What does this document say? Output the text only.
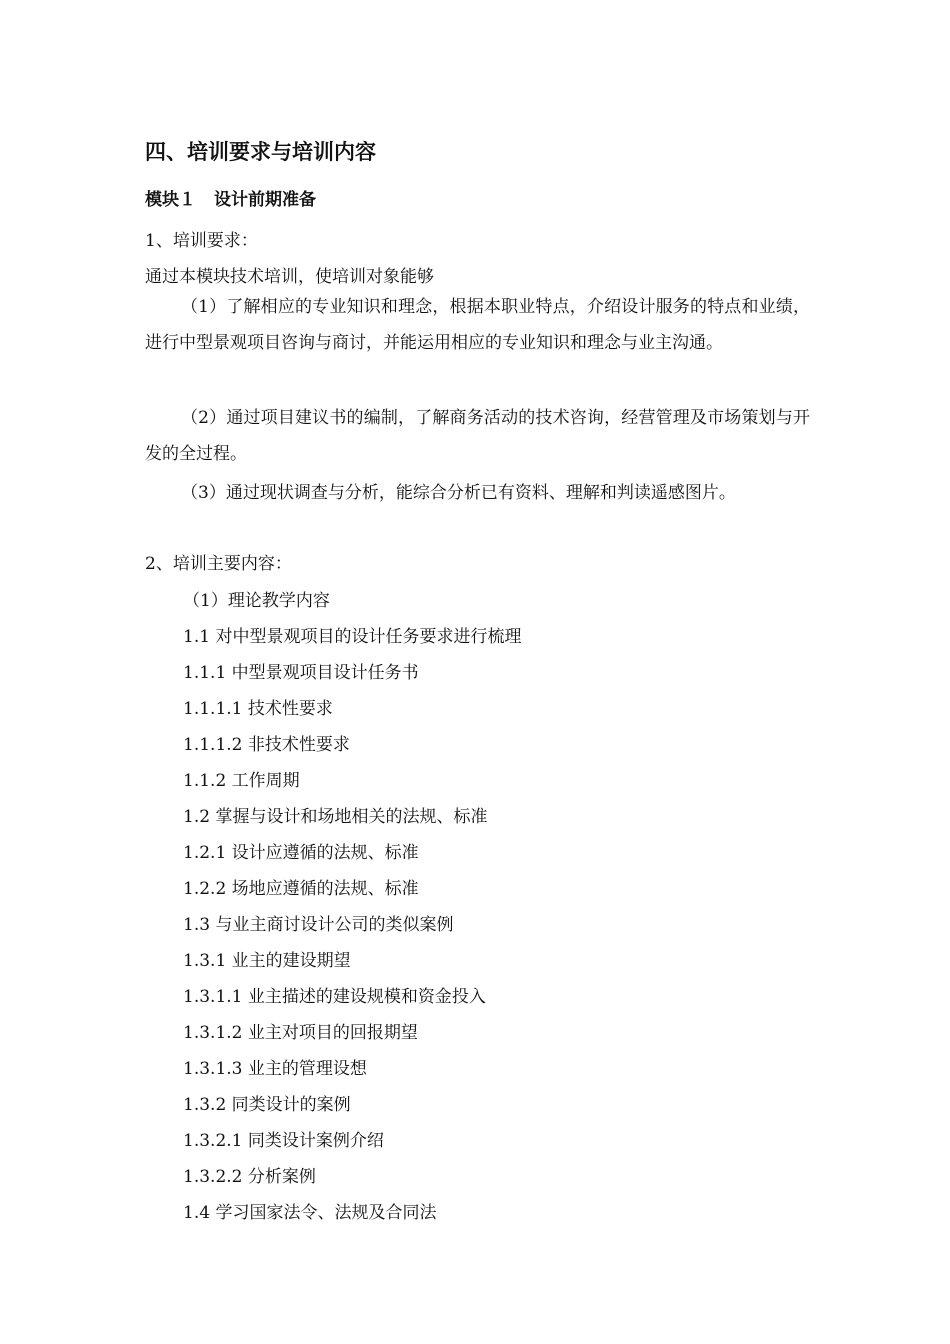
四、培训要求与培训内容
模块１ 设计前期准备
1、培训要求：
通过本模块技术培训，使培训对象能够
（1）了解相应的专业知识和理念，根据本职业特点，介绍设计服务的特点和业绩，进行中型景观项目咨询与商讨，并能运用相应的专业知识和理念与业主沟通。
（2）通过项目建议书的编制，了解商务活动的技术咨询，经营管理及市场策划与开发的全过程。
（3）通过现状调查与分析，能综合分析已有资料、理解和判读遥感图片。
2、培训主要内容：
（1）理论教学内容
1.1 对中型景观项目的设计任务要求进行梳理
1.1.1 中型景观项目设计任务书
1.1.1.1 技术性要求
1.1.1.2 非技术性要求
1.1.2 工作周期
1.2 掌握与设计和场地相关的法规、标准
1.2.1 设计应遵循的法规、标准
1.2.2 场地应遵循的法规、标准
1.3 与业主商讨设计公司的类似案例
1.3.1 业主的建设期望
1.3.1.1 业主描述的建设规模和资金投入
1.3.1.2 业主对项目的回报期望
1.3.1.3 业主的管理设想
1.3.2 同类设计的案例
1.3.2.1 同类设计案例介绍
1.3.2.2 分析案例
1.4 学习国家法令、法规及合同法
